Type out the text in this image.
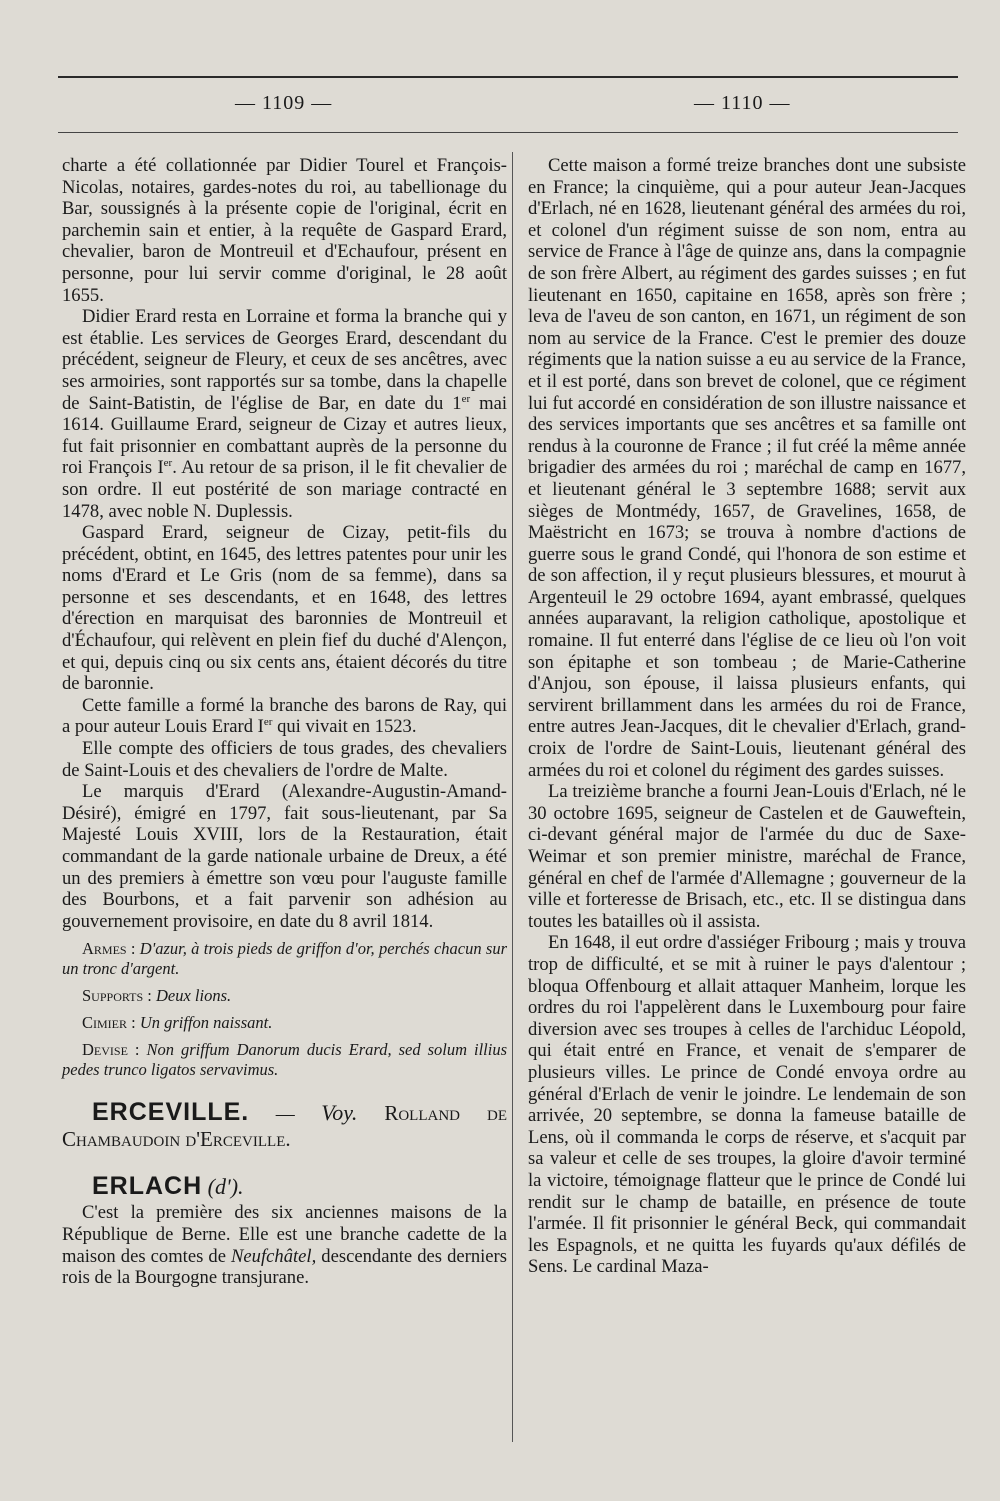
— 1109 —	— 1110 —

charte a été collationnée par Didier Tourel et François-Nicolas, notaires, gardes-notes du roi, au tabellionage du Bar, soussignés à la présente copie de l'original, écrit en parchemin sain et entier, à la requête de Gaspard Erard, chevalier, baron de Montreuil et d'Echaufour, présent en personne, pour lui servir comme d'original, le 28 août 1655.

Didier Erard resta en Lorraine et forma la branche qui y est établie. Les services de Georges Erard, descendant du précédent, seigneur de Fleury, et ceux de ses ancêtres, avec ses armoiries, sont rapportés sur sa tombe, dans la chapelle de Saint-Batistin, de l'église de Bar, en date du 1er mai 1614. Guillaume Erard, seigneur de Cizay et autres lieux, fut fait prisonnier en combattant auprès de la personne du roi François Ier. Au retour de sa prison, il le fit chevalier de son ordre. Il eut postérité de son mariage contracté en 1478, avec noble N. Duplessis.

Gaspard Erard, seigneur de Cizay, petit-fils du précédent, obtint, en 1645, des lettres patentes pour unir les noms d'Erard et Le Gris (nom de sa femme), dans sa personne et ses descendants, et en 1648, des lettres d'érection en marquisat des baronnies de Montreuil et d'Échaufour, qui relèvent en plein fief du duché d'Alençon, et qui, depuis cinq ou six cents ans, étaient décorés du titre de baronnie.

Cette famille a formé la branche des barons de Ray, qui a pour auteur Louis Erard Ier qui vivait en 1523.

Elle compte des officiers de tous grades, des chevaliers de Saint-Louis et des chevaliers de l'ordre de Malte.

Le marquis d'Erard (Alexandre-Augustin-Amand-Désiré), émigré en 1797, fait sous-lieutenant, par Sa Majesté Louis XVIII, lors de la Restauration, était commandant de la garde nationale urbaine de Dreux, a été un des premiers à émettre son vœu pour l'auguste famille des Bourbons, et a fait parvenir son adhésion au gouvernement provisoire, en date du 8 avril 1814.

Armes : D'azur, à trois pieds de griffon d'or, perchés chacun sur un tronc d'argent.

Supports : Deux lions.

Cimier : Un griffon naissant.

Devise : Non griffum Danorum ducis Erard, sed solum illius pedes trunco ligatos servavimus.

ERCEVILLE. — Voy. Rolland de Chambaudoin d'Erceville.

ERLACH (d').

C'est la première des six anciennes maisons de la République de Berne. Elle est une branche cadette de la maison des comtes de Neufchâtel, descendante des derniers rois de la Bourgogne transjurane.

Cette maison a formé treize branches dont une subsiste en France; la cinquième, qui a pour auteur Jean-Jacques d'Erlach, né en 1628, lieutenant général des armées du roi, et colonel d'un régiment suisse de son nom, entra au service de France à l'âge de quinze ans, dans la compagnie de son frère Albert, au régiment des gardes suisses ; en fut lieutenant en 1650, capitaine en 1658, après son frère ; leva de l'aveu de son canton, en 1671, un régiment de son nom au service de la France. C'est le premier des douze régiments que la nation suisse a eu au service de la France, et il est porté, dans son brevet de colonel, que ce régiment lui fut accordé en considération de son illustre naissance et des services importants que ses ancêtres et sa famille ont rendus à la couronne de France ; il fut créé la même année brigadier des armées du roi ; maréchal de camp en 1677, et lieutenant général le 3 septembre 1688; servit aux sièges de Montmédy, 1657, de Gravelines, 1658, de Maëstricht en 1673; se trouva à nombre d'actions de guerre sous le grand Condé, qui l'honora de son estime et de son affection, il y reçut plusieurs blessures, et mourut à Argenteuil le 29 octobre 1694, ayant embrassé, quelques années auparavant, la religion catholique, apostolique et romaine. Il fut enterré dans l'église de ce lieu où l'on voit son épitaphe et son tombeau ; de Marie-Catherine d'Anjou, son épouse, il laissa plusieurs enfants, qui servirent brillamment dans les armées du roi de France, entre autres Jean-Jacques, dit le chevalier d'Erlach, grand-croix de l'ordre de Saint-Louis, lieutenant général des armées du roi et colonel du régiment des gardes suisses.

La treizième branche a fourni Jean-Louis d'Erlach, né le 30 octobre 1695, seigneur de Castelen et de Gauweftein, ci-devant général major de l'armée du duc de Saxe-Weimar et son premier ministre, maréchal de France, général en chef de l'armée d'Allemagne ; gouverneur de la ville et forteresse de Brisach, etc., etc. Il se distingua dans toutes les batailles où il assista.

En 1648, il eut ordre d'assiéger Fribourg ; mais y trouva trop de difficulté, et se mit à ruiner le pays d'alentour ; bloqua Offenbourg et allait attaquer Manheim, lorque les ordres du roi l'appelèrent dans le Luxembourg pour faire diversion avec ses troupes à celles de l'archiduc Léopold, qui était entré en France, et venait de s'emparer de plusieurs villes. Le prince de Condé envoya ordre au général d'Erlach de venir le joindre. Le lendemain de son arrivée, 20 septembre, se donna la fameuse bataille de Lens, où il commanda le corps de réserve, et s'acquit par sa valeur et celle de ses troupes, la gloire d'avoir terminé la victoire, témoignage flatteur que le prince de Condé lui rendit sur le champ de bataille, en présence de toute l'armée. Il fit prisonnier le général Beck, qui commandait les Espagnols, et ne quitta les fuyards qu'aux défilés de Sens. Le cardinal Maza-
